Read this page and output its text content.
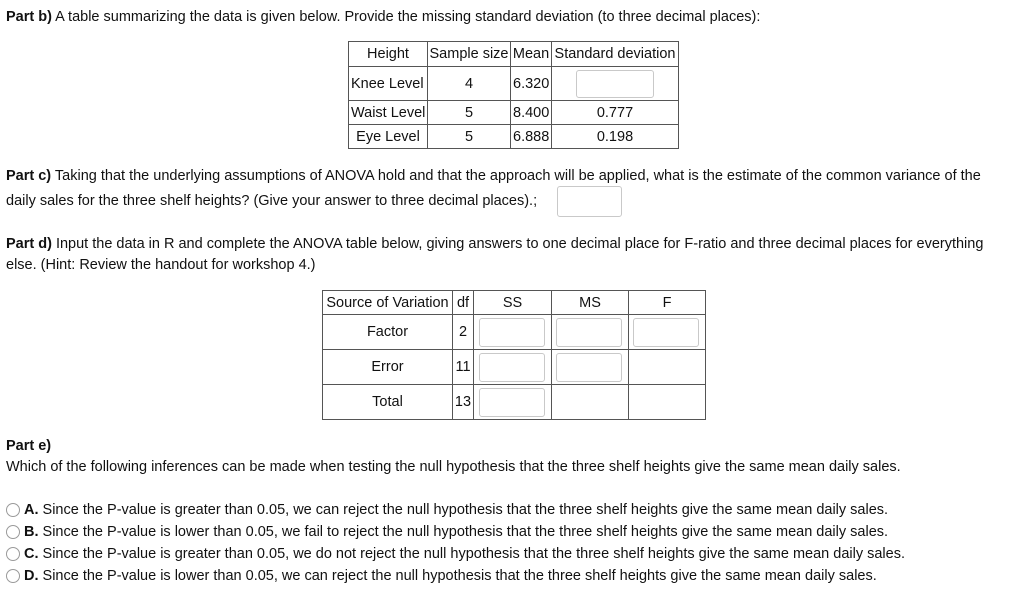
Part b) A table summarizing the data is given below. Provide the missing standard deviation (to three decimal places):
Height	Sample size	Mean	Standard deviation
Knee Level	4	6.320	

Waist Level	5	8.400	0.777
Eye Level	5	6.888	0.198
Part c) Taking that the underlying assumptions of ANOVA hold and that the approach will be applied, what is the estimate of the common variance of the
daily sales for the three shelf heights? (Give your answer to three decimal places).;
Part d) Input the data in R and complete the ANOVA table below, giving answers to one decimal place for F-ratio and three decimal places for everything
else. (Hint: Review the handout for workshop 4.)
Source of Variation	df	SS	MS	F
Factor	2	

Error	11	

Total	13	

Part e)
Which of the following inferences can be made when testing the null hypothesis that the three shelf heights give the same mean daily sales.
A. Since the P-value is greater than 0.05, we can reject the null hypothesis that the three shelf heights give the same mean daily sales.
B. Since the P-value is lower than 0.05, we fail to reject the null hypothesis that the three shelf heights give the same mean daily sales.
C. Since the P-value is greater than 0.05, we do not reject the null hypothesis that the three shelf heights give the same mean daily sales.
D. Since the P-value is lower than 0.05, we can reject the null hypothesis that the three shelf heights give the same mean daily sales.
